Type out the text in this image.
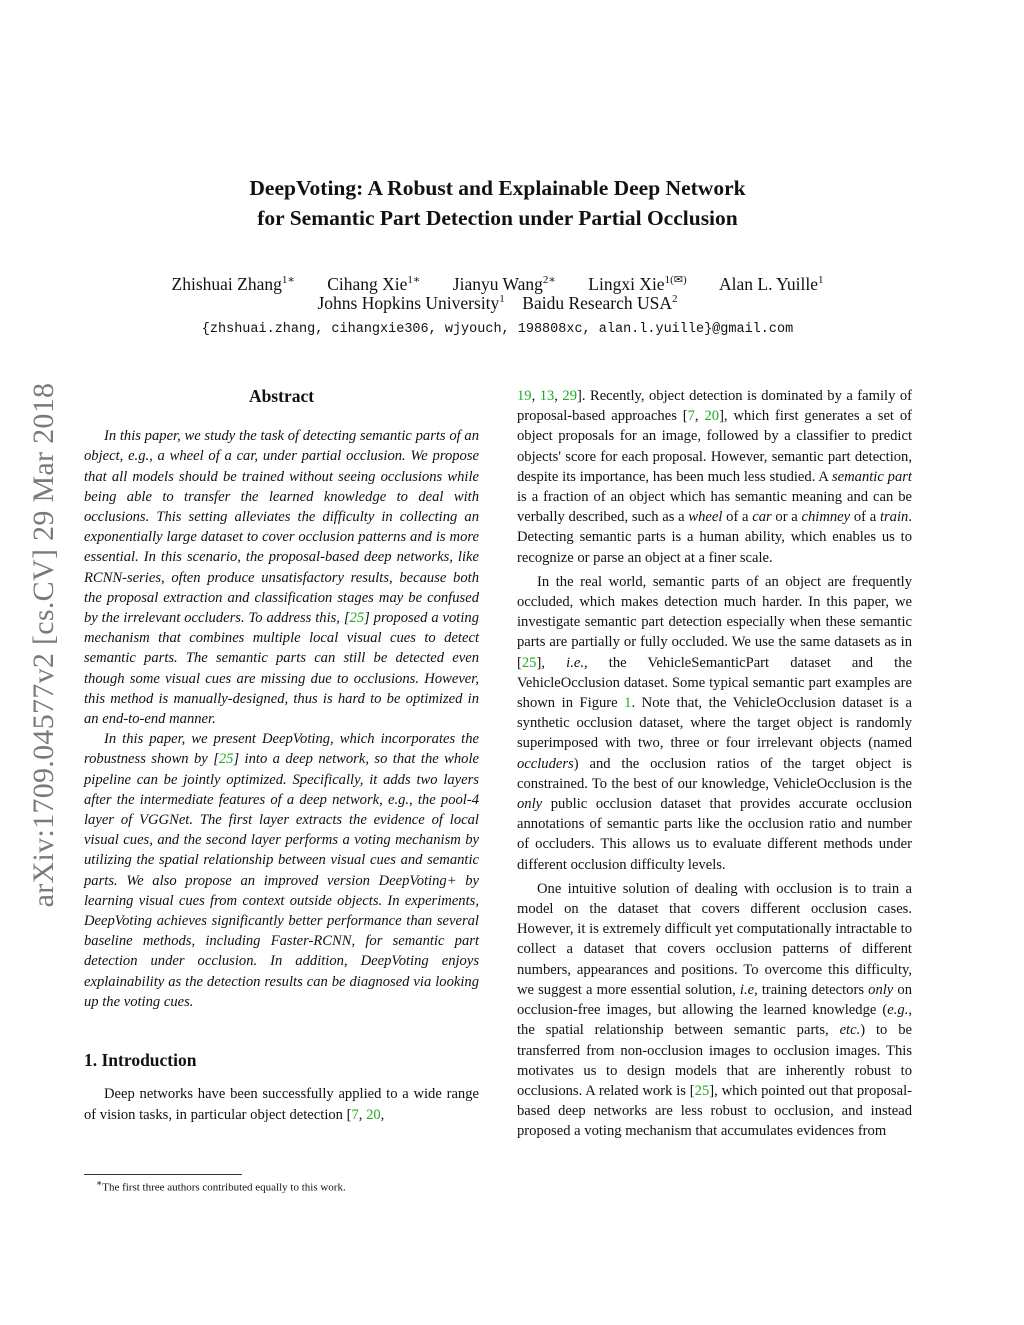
arXiv:1709.04577v2 [cs.CV] 29 Mar 2018
DeepVoting: A Robust and Explainable Deep Network
for Semantic Part Detection under Partial Occlusion
Zhishuai Zhang$^{1∗}$ Cihang Xie$^{1∗}$ Jianyu Wang$^{2∗}$ Lingxi Xie$^{1(✉)}$ Alan L. Yuille$^1$
Johns Hopkins University$^1$ Baidu Research USA$^2$
{zhshuai.zhang, cihangxie306, wjyouch, 198808xc, alan.l.yuille}@gmail.com
Abstract

In this paper, we study the task of detecting semantic parts of an object, e.g., a wheel of a car, under partial occlusion. We propose that all models should be trained without seeing occlusions while being able to transfer the learned knowledge to deal with occlusions. This setting alleviates the difficulty in collecting an exponentially large dataset to cover occlusion patterns and is more essential. In this scenario, the proposal-based deep networks, like RCNN-series, often produce unsatisfactory results, because both the proposal extraction and classification stages may be confused by the irrelevant occluders. To address this, [25] proposed a voting mechanism that combines multiple local visual cues to detect semantic parts. The semantic parts can still be detected even though some visual cues are missing due to occlusions. However, this method is manually-designed, thus is hard to be optimized in an end-to-end manner.

In this paper, we present DeepVoting, which incorporates the robustness shown by [25] into a deep network, so that the whole pipeline can be jointly optimized. Specifically, it adds two layers after the intermediate features of a deep network, e.g., the pool-4 layer of VGGNet. The first layer extracts the evidence of local visual cues, and the second layer performs a voting mechanism by utilizing the spatial relationship between visual cues and semantic parts. We also propose an improved version DeepVoting+ by learning visual cues from context outside objects. In experiments, DeepVoting achieves significantly better performance than several baseline methods, including Faster-RCNN, for semantic part detection under occlusion. In addition, DeepVoting enjoys explainability as the detection results can be diagnosed via looking up the voting cues.

1. Introduction

Deep networks have been successfully applied to a wide range of vision tasks, in particular object detection [7, 20,

19, 13, 29]. Recently, object detection is dominated by a family of proposal-based approaches [7, 20], which first generates a set of object proposals for an image, followed by a classifier to predict objects' score for each proposal. However, semantic part detection, despite its importance, has been much less studied. A semantic part is a fraction of an object which has semantic meaning and can be verbally described, such as a wheel of a car or a chimney of a train. Detecting semantic parts is a human ability, which enables us to recognize or parse an object at a finer scale.

In the real world, semantic parts of an object are frequently occluded, which makes detection much harder. In this paper, we investigate semantic part detection especially when these semantic parts are partially or fully occluded. We use the same datasets as in [25], i.e., the VehicleSemanticPart dataset and the VehicleOcclusion dataset. Some typical semantic part examples are shown in Figure 1. Note that, the VehicleOcclusion dataset is a synthetic occlusion dataset, where the target object is randomly superimposed with two, three or four irrelevant objects (named occluders) and the occlusion ratios of the target object is constrained. To the best of our knowledge, VehicleOcclusion is the only public occlusion dataset that provides accurate occlusion annotations of semantic parts like the occlusion ratio and number of occluders. This allows us to evaluate different methods under different occlusion difficulty levels.

One intuitive solution of dealing with occlusion is to train a model on the dataset that covers different occlusion cases. However, it is extremely difficult yet computationally intractable to collect a dataset that covers occlusion patterns of different numbers, appearances and positions. To overcome this difficulty, we suggest a more essential solution, i.e, training detectors only on occlusion-free images, but allowing the learned knowledge (e.g., the spatial relationship between semantic parts, etc.) to be transferred from non-occlusion images to occlusion images. This motivates us to design models that are inherently robust to occlusions. A related work is [25], which pointed out that proposal-based deep networks are less robust to occlusion, and instead proposed a voting mechanism that accumulates evidences from

∗The first three authors contributed equally to this work.
